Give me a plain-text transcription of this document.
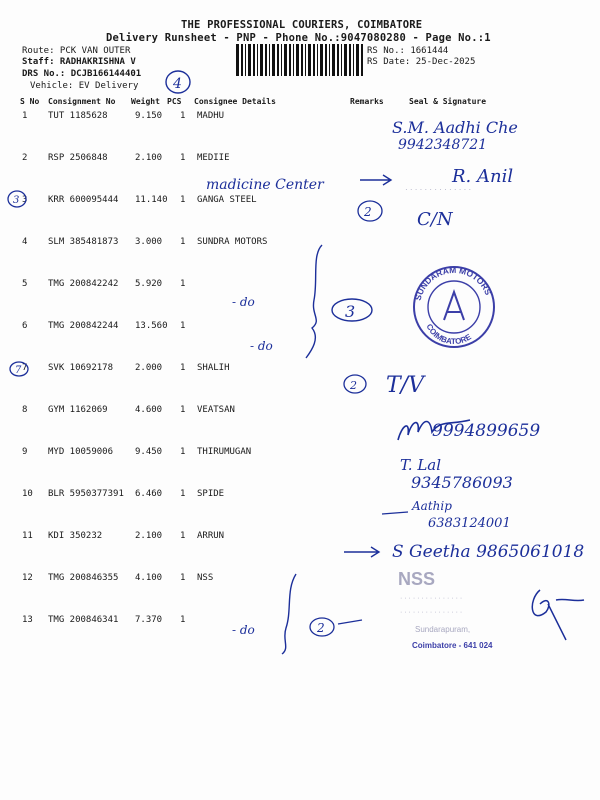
THE PROFESSIONAL COURIERS, COIMBATORE
Delivery Runsheet - PNP - Phone No.:9047080280 - Page No.:1
Route: PCK VAN OUTER
Staff: RADHAKRISHNA V
DRS No.: DCJB166144401
Vehicle: EV Delivery
RS No.: 1661444
RS Date: 25-Dec-2025
S No Consignment No Weight PCS Consignee Details	Remarks	Seal & Signature
1 TUT 1185628	9.150 1 MADHU
2 RSP 2506848	2.100 1 MEDIIE
3 KRR 600095444 11.140 1 GANGA STEEL
4 SLM 385481873 3.000 1 SUNDRA MOTORS
5 TMG 200842242 5.920 1
6 TMG 200842244 13.560 1
7 SVK 10692178 2.000 1 SHALIH
8 GYM 1162069	4.600 1 VEATSAN
9 MYD 10059006 9.450 1 THIRUMUGAN
10 BLR 5950377391 6.460 1 SPIDE
11 KDI 350232	2.100 1 ARRUN
12 TMG 200846355 4.100 1 NSS
13 TMG 200846341 7.370 1
S.M. Aadhi Che
9942348721
madicine Center	R. Anil
· · · · · · · · · · · · · ·
3
2	C/N
4
3
- do
- do
SUNDARAM MOTORS
COIMBATORE
7
2 T/V
9994899659
T. Lal
9345786093
Aathip
6383124001
S Geetha 9865061018
2
- do
NSS
· · · · · · · · · · · · · · ·
· · · · · · · · · · · · · · ·
Sundarapuram,
Coimbatore - 641 024
